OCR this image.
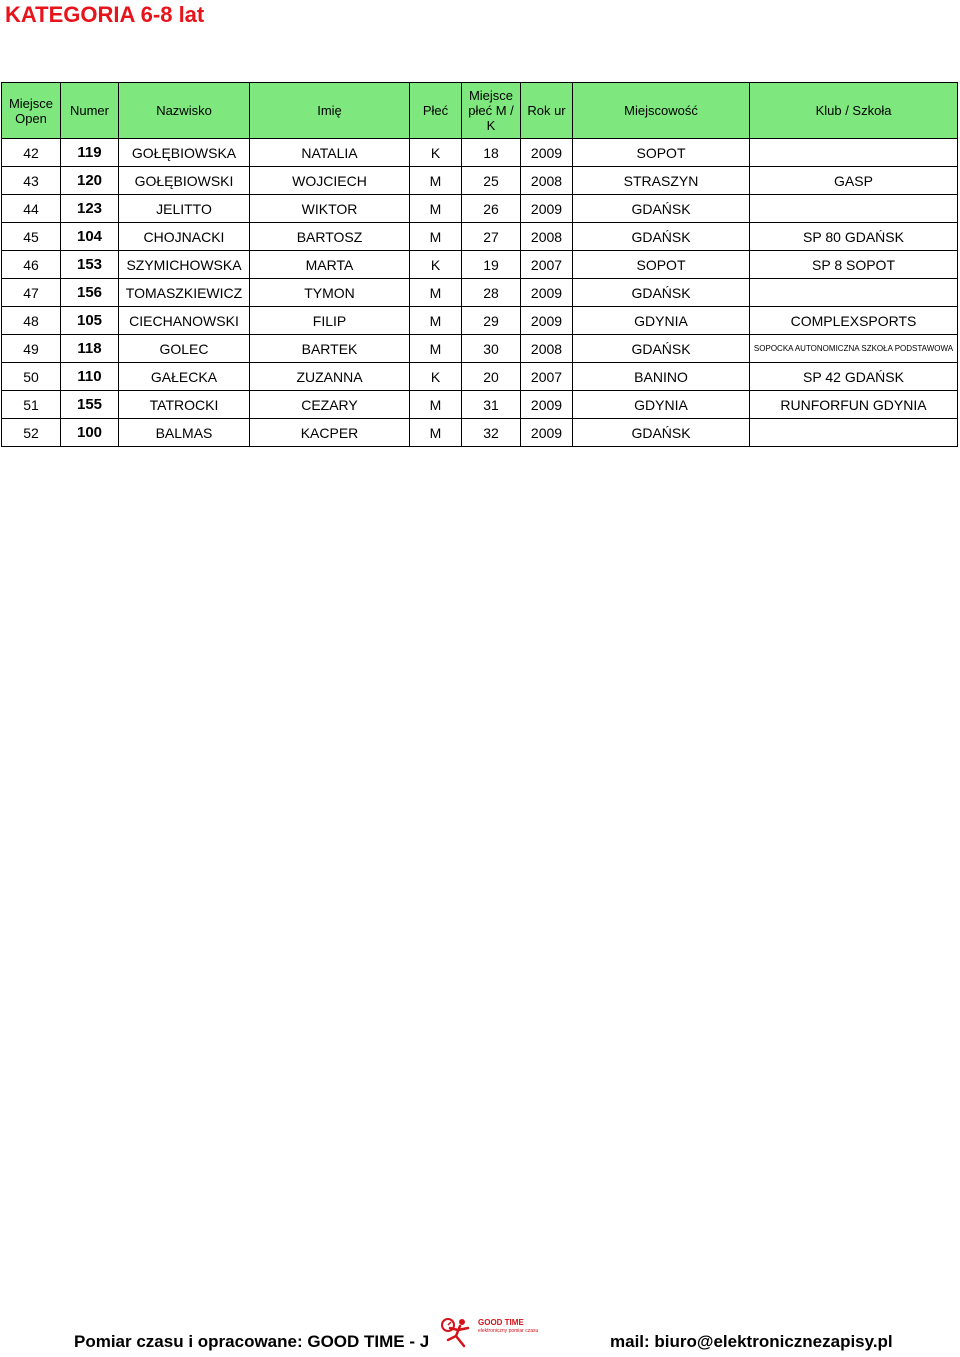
KATEGORIA 6-8 lat
Miejsce Open	Numer	Nazwisko	Imię	Płeć	Miejsce płeć M / K	Rok ur	Miejscowość	Klub / Szkoła
42	119	GOŁĘBIOWSKA	NATALIA	K	18	2009	SOPOT	
43	120	GOŁĘBIOWSKI	WOJCIECH	M	25	2008	STRASZYN	GASP
44	123	JELITTO	WIKTOR	M	26	2009	GDAŃSK	
45	104	CHOJNACKI	BARTOSZ	M	27	2008	GDAŃSK	SP 80 GDAŃSK
46	153	SZYMICHOWSKA	MARTA	K	19	2007	SOPOT	SP 8 SOPOT
47	156	TOMASZKIEWICZ	TYMON	M	28	2009	GDAŃSK	
48	105	CIECHANOWSKI	FILIP	M	29	2009	GDYNIA	COMPLEXSPORTS
49	118	GOLEC	BARTEK	M	30	2008	GDAŃSK	SOPOCKA AUTONOMICZNA SZKOŁA PODSTAWOWA
50	110	GAŁECKA	ZUZANNA	K	20	2007	BANINO	SP 42 GDAŃSK
51	155	TATROCKI	CEZARY	M	31	2009	GDYNIA	RUNFORFUN GDYNIA
52	100	BALMAS	KACPER	M	32	2009	GDAŃSK	
Pomiar czasu i opracowane: GOOD TIME - J
GOOD TIME
elektroniczny pomiar czasu
mail: biuro@elektronicznezapisy.pl
